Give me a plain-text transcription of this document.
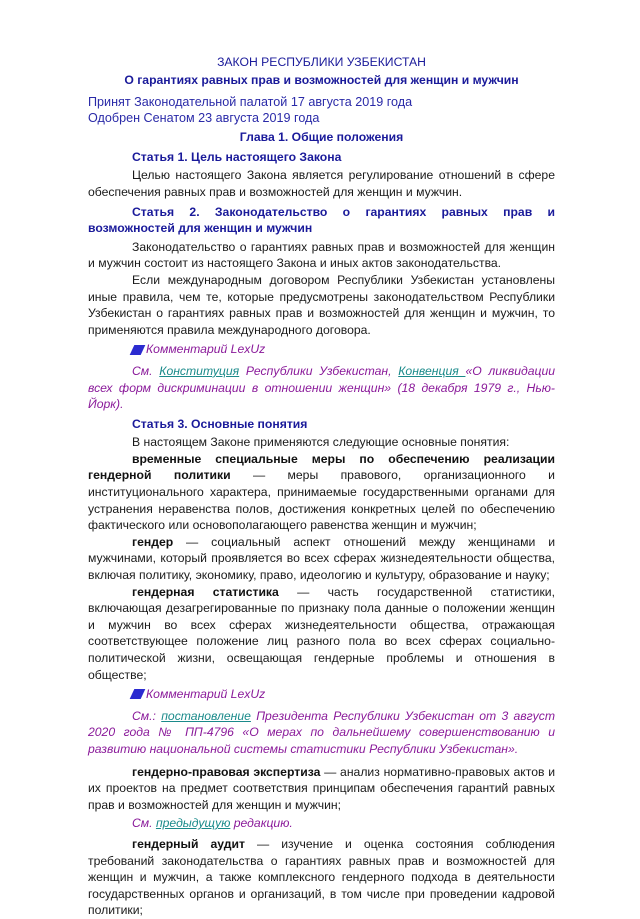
ЗАКОН РЕСПУБЛИКИ УЗБЕКИСТАН
О гарантиях равных прав и возможностей для женщин и мужчин
Принят Законодательной палатой 17 августа 2019 года
Одобрен Сенатом 23 августа 2019 года
Глава 1. Общие положения
Статья 1. Цель настоящего Закона
Целью настоящего Закона является регулирование отношений в сфере обеспечения равных прав и возможностей для женщин и мужчин.
Статья 2. Законодательство о гарантиях равных прав и возможностей для женщин и мужчин
Законодательство о гарантиях равных прав и возможностей для женщин и мужчин состоит из настоящего Закона и иных актов законодательства.
Если международным договором Республики Узбекистан установлены иные правила, чем те, которые предусмотрены законодательством Республики Узбекистан о гарантиях равных прав и возможностей для женщин и мужчин, то применяются правила международного договора.
Комментарий LexUz
См. Конституция Республики Узбекистан, Конвенция «О ликвидации всех форм дискриминации в отношении женщин» (18 декабря 1979 г., Нью-Йорк).
Статья 3. Основные понятия
В настоящем Законе применяются следующие основные понятия:
временные специальные меры по обеспечению реализации гендерной политики — меры правового, организационного и институционального характера, принимаемые государственными органами для устранения неравенства полов, достижения конкретных целей по обеспечению фактического или основополагающего равенства женщин и мужчин;
гендер — социальный аспект отношений между женщинами и мужчинами, который проявляется во всех сферах жизнедеятельности общества, включая политику, экономику, право, идеологию и культуру, образование и науку;
гендерная статистика — часть государственной статистики, включающая дезагрегированные по признаку пола данные о положении женщин и мужчин во всех сферах жизнедеятельности общества, отражающая соответствующее положение лиц разного пола во всех сферах социально-политической жизни, освещающая гендерные проблемы и отношения в обществе;
Комментарий LexUz
См.: постановление Президента Республики Узбекистан от 3 август 2020 года № ПП-4796 «О мерах по дальнейшему совершенствованию и развитию национальной системы статистики Республики Узбекистан».
гендерно-правовая экспертиза — анализ нормативно-правовых актов и их проектов на предмет соответствия принципам обеспечения гарантий равных прав и возможностей для женщин и мужчин;
См. предыдущую редакцию.
гендерный аудит — изучение и оценка состояния соблюдения требований законодательства о гарантиях равных прав и возможностей для женщин и мужчин, а также комплексного гендерного подхода в деятельности государственных органов и организаций, в том числе при проведении кадровой политики;
